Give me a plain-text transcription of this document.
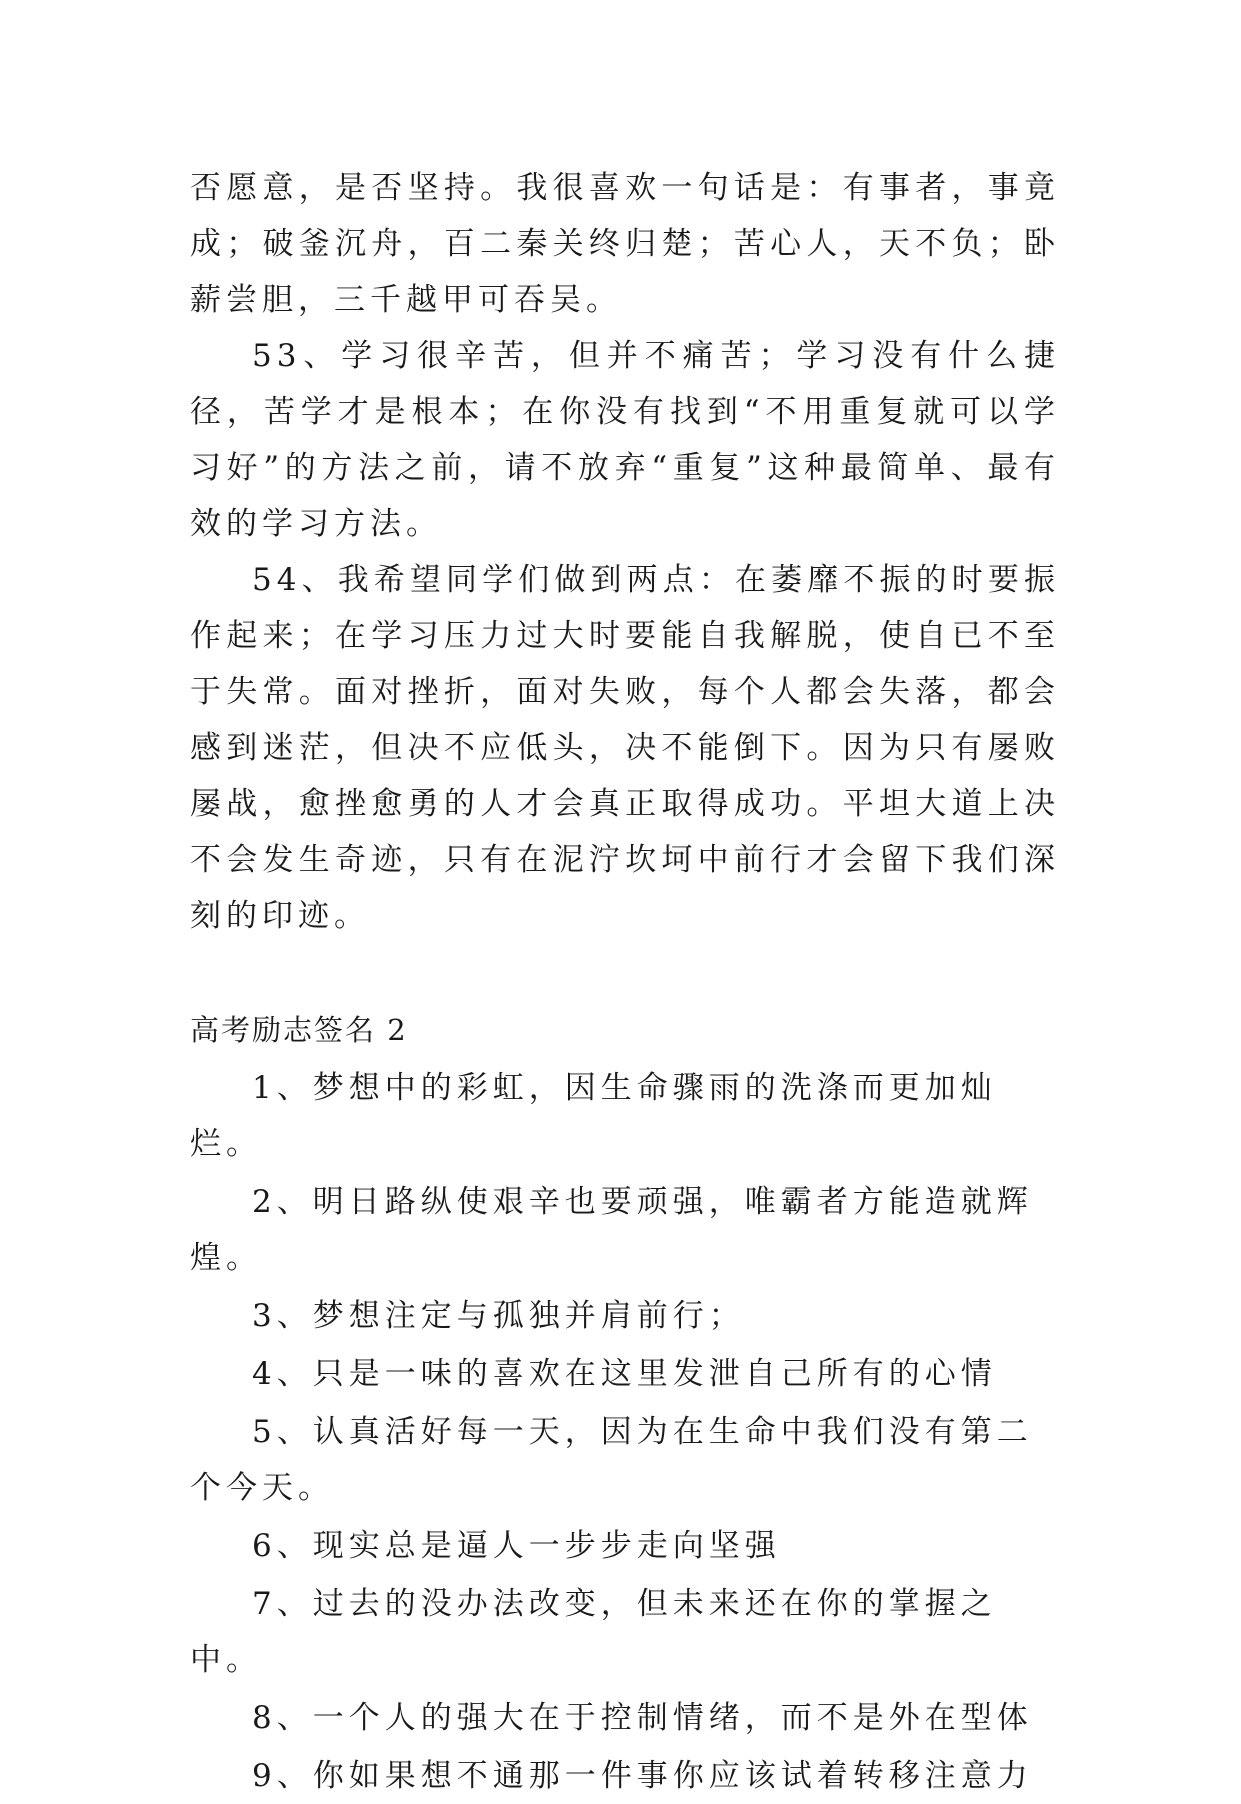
否愿意，是否坚持。我很喜欢一句话是：有事者，事竟成；破釜沉舟，百二秦关终归楚；苦心人，天不负；卧薪尝胆，三千越甲可吞吴。

53、学习很辛苦，但并不痛苦；学习没有什么捷径，苦学才是根本；在你没有找到“不用重复就可以学习好”的方法之前，请不放弃“重复”这种最简单、最有效的学习方法。

54、我希望同学们做到两点：在萎靡不振的时要振作起来；在学习压力过大时要能自我解脱，使自已不至于失常。面对挫折，面对失败，每个人都会失落，都会感到迷茫，但决不应低头，决不能倒下。因为只有屡败屡战，愈挫愈勇的人才会真正取得成功。平坦大道上决不会发生奇迹，只有在泥泞坎坷中前行才会留下我们深刻的印迹。

高考励志签名 2

1、梦想中的彩虹，因生命骤雨的洗涤而更加灿烂。

2、明日路纵使艰辛也要顽强，唯霸者方能造就辉煌。

3、梦想注定与孤独并肩前行；

4、只是一味的喜欢在这里发泄自己所有的心情

5、认真活好每一天，因为在生命中我们没有第二个今天。

6、现实总是逼人一步步走向坚强

7、过去的没办法改变，但未来还在你的掌握之中。

8、一个人的强大在于控制情绪，而不是外在型体

9、你如果想不通那一件事你应该试着转移注意力
